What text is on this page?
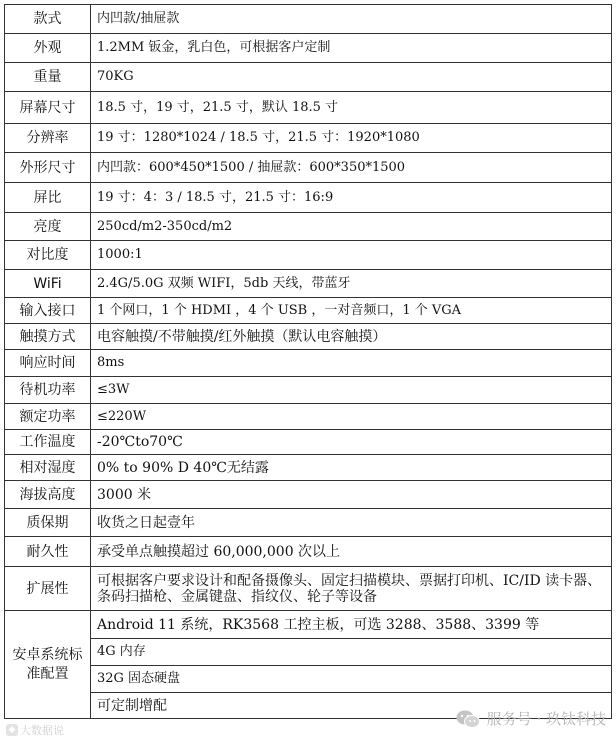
款式	内凹款/抽屉款
外观	1.2MM 钣金，乳白色，可根据客户定制
重量	70KG
屏幕尺寸	18.5 寸，19 寸，21.5 寸，默认 18.5 寸
分辨率	19 寸：1280*1024 / 18.5 寸，21.5 寸：1920*1080
外形尺寸	内凹款：600*450*1500 / 抽屉款：600*350*1500
屏比	19 寸：4：3 / 18.5 寸，21.5 寸：16:9
亮度	250cd/m2-350cd/m2
对比度	1000:1
WiFi	2.4G/5.0G 双频 WIFI，5db 天线，带蓝牙
输入接口	1 个网口，1 个 HDMI ，4 个 USB ，一对音频口，1 个 VGA
触摸方式	电容触摸/不带触摸/红外触摸（默认电容触摸）
响应时间	8ms
待机功率	≤3W
额定功率	≤220W
工作温度	-20℃to70℃
相对湿度	0% to 90% D 40℃无结露
海拔高度	3000 米
质保期	收货之日起壹年
耐久性	承受单点触摸超过 60,000,000 次以上
扩展性	可根据客户要求设计和配备摄像头、固定扫描模块、票据打印机、IC/ID 读卡器、条码扫描枪、金属键盘、指纹仪、轮子等设备
安卓系统标准配置	Android 11 系统，RK3568 工控主板，可选 3288、3588、3399 等
	4G 内存
	32G 固态硬盘
	可定制增配
◆ 大数据说
服务号 · 玖钛科技
